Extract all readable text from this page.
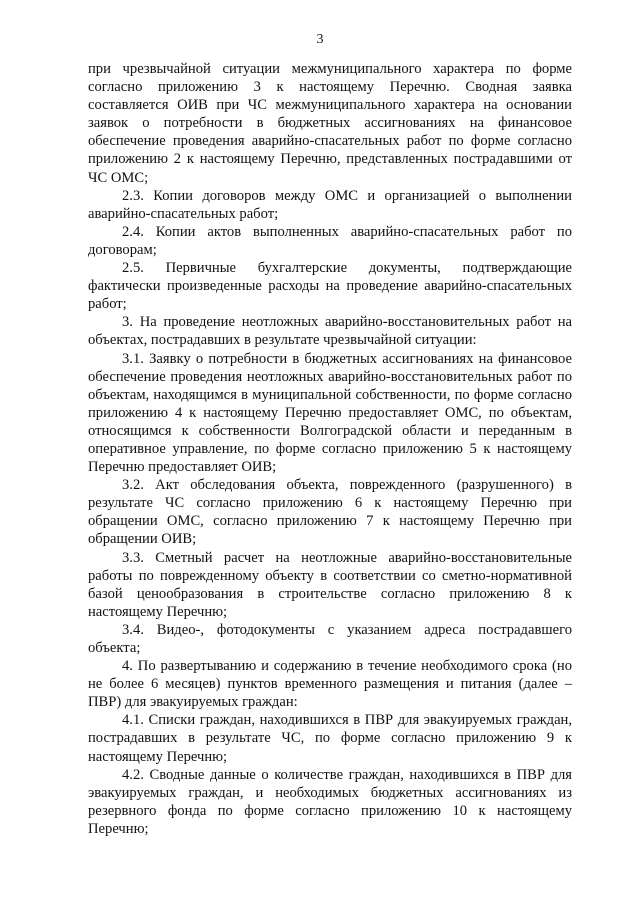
3

при чрезвычайной ситуации межмуниципального характера по форме согласно приложению 3 к настоящему Перечню. Сводная заявка составляется ОИВ при ЧС межмуниципального характера на основании заявок о потребности в бюджетных ассигнованиях на финансовое обеспечение проведения аварийно-спасательных работ по форме согласно приложению 2 к настоящему Перечню, представленных пострадавшими от ЧС ОМС;

2.3. Копии договоров между ОМС и организацией о выполнении аварийно-спасательных работ;

2.4. Копии актов выполненных аварийно-спасательных работ по договорам;

2.5. Первичные бухгалтерские документы, подтверждающие фактически произведенные расходы на проведение аварийно-спасательных работ;

3. На проведение неотложных аварийно-восстановительных работ на объектах, пострадавших в результате чрезвычайной ситуации:

3.1. Заявку о потребности в бюджетных ассигнованиях на финансовое обеспечение проведения неотложных аварийно-восстановительных работ по объектам, находящимся в муниципальной собственности, по форме согласно приложению 4 к настоящему Перечню предоставляет ОМС, по объектам, относящимся к собственности Волгоградской области и переданным в оперативное управление, по форме согласно приложению 5 к настоящему Перечню предоставляет ОИВ;

3.2. Акт обследования объекта, поврежденного (разрушенного) в результате ЧС согласно приложению 6 к настоящему Перечню при обращении ОМС, согласно приложению 7 к настоящему Перечню при обращении ОИВ;

3.3. Сметный расчет на неотложные аварийно-восстановительные работы по поврежденному объекту в соответствии со сметно-нормативной базой ценообразования в строительстве согласно приложению 8 к настоящему Перечню;

3.4. Видео-, фотодокументы с указанием адреса пострадавшего объекта;

4. По развертыванию и содержанию в течение необходимого срока (но не более 6 месяцев) пунктов временного размещения и питания (далее – ПВР) для эвакуируемых граждан:

4.1. Списки граждан, находившихся в ПВР для эвакуируемых граждан, пострадавших в результате ЧС, по форме согласно приложению 9 к настоящему Перечню;

4.2. Сводные данные о количестве граждан, находившихся в ПВР для эвакуируемых граждан, и необходимых бюджетных ассигнованиях из резервного фонда по форме согласно приложению 10 к настоящему Перечню;
